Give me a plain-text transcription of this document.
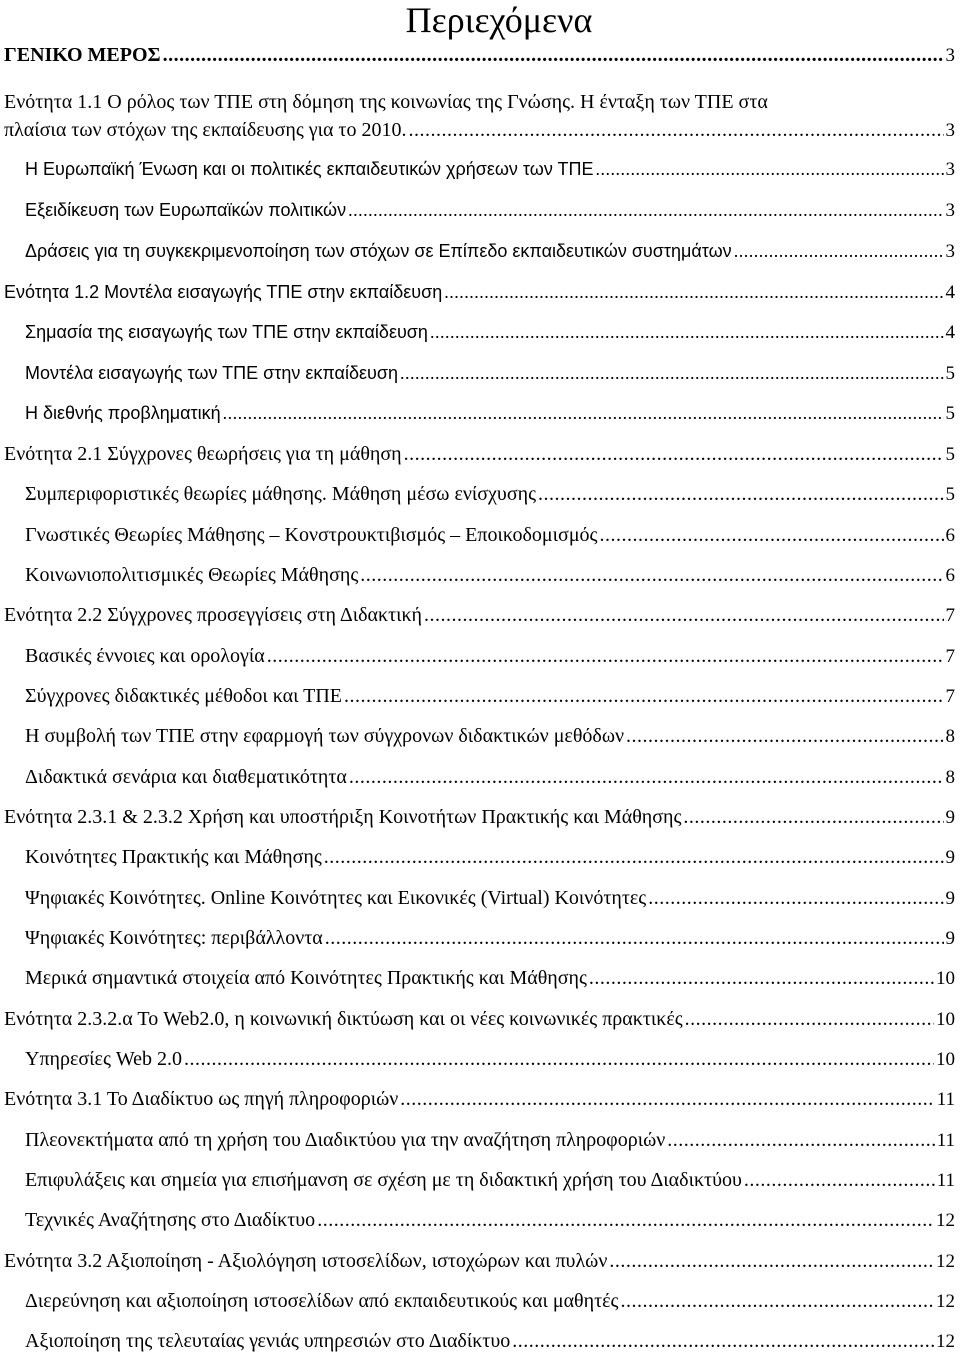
Περιεχόμενα
ΓΕΝΙΚΟ ΜΕΡΟΣ .....	3
Ενότητα 1.1 Ο ρόλος των ΤΠΕ στη δόμηση της κοινωνίας της Γνώσης. Η ένταξη των ΤΠΕ στα
πλαίσια των στόχων της εκπαίδευσης για το 2010. .....	3
Η Ευρωπαϊκή Ένωση και οι πολιτικές εκπαιδευτικών χρήσεων των ΤΠΕ .....	3
Εξειδίκευση των Ευρωπαϊκών πολιτικών .....	3
Δράσεις για τη συγκεκριμενοποίηση των στόχων σε Επίπεδο εκπαιδευτικών συστημάτων .....	3
Ενότητα 1.2 Μοντέλα εισαγωγής ΤΠΕ στην εκπαίδευση .....	4
Σημασία της εισαγωγής των ΤΠΕ στην εκπαίδευση .....	4
Μοντέλα εισαγωγής των ΤΠΕ στην εκπαίδευση .....	5
Η διεθνής προβληματική .....	5
Ενότητα 2.1 Σύγχρονες θεωρήσεις για τη μάθηση .....	5
Συμπεριφοριστικές θεωρίες μάθησης. Μάθηση μέσω ενίσχυσης .....	5
Γνωστικές Θεωρίες Μάθησης – Κονστρουκτιβισμός – Εποικοδομισμός .....	6
Κοινωνιοπολιτισμικές Θεωρίες Μάθησης .....	6
Ενότητα 2.2 Σύγχρονες προσεγγίσεις στη Διδακτική .....	7
Βασικές έννοιες και ορολογία .....	7
Σύγχρονες διδακτικές μέθοδοι και ΤΠΕ .....	7
Η συμβολή των ΤΠΕ στην εφαρμογή των σύγχρονων διδακτικών μεθόδων .....	8
Διδακτικά σενάρια και διαθεματικότητα .....	8
Ενότητα 2.3.1 & 2.3.2 Χρήση και υποστήριξη Κοινοτήτων Πρακτικής και Μάθησης .....	9
Κοινότητες Πρακτικής και Μάθησης .....	9
Ψηφιακές Κοινότητες. Online Κοινότητες και Εικονικές (Virtual) Κοινότητες .....	9
Ψηφιακές Κοινότητες: περιβάλλοντα .....	9
Μερικά σημαντικά στοιχεία από Κοινότητες Πρακτικής και Μάθησης .....	10
Ενότητα 2.3.2.α Το Web2.0, η κοινωνική δικτύωση και οι νέες κοινωνικές πρακτικές .....	10
Υπηρεσίες Web 2.0 .....	10
Ενότητα 3.1 Το Διαδίκτυο ως πηγή πληροφοριών .....	11
Πλεονεκτήματα από τη χρήση του Διαδικτύου για την αναζήτηση πληροφοριών .....	11
Επιφυλάξεις και σημεία για επισήμανση σε σχέση με τη διδακτική χρήση του Διαδικτύου .....	11
Τεχνικές Αναζήτησης στο Διαδίκτυο .....	12
Ενότητα 3.2 Αξιοποίηση - Αξιολόγηση ιστοσελίδων, ιστοχώρων και πυλών .....	12
Διερεύνηση και αξιοποίηση ιστοσελίδων από εκπαιδευτικούς και μαθητές .....	12
Αξιοποίηση της τελευταίας γενιάς υπηρεσιών στο Διαδίκτυο .....	12
